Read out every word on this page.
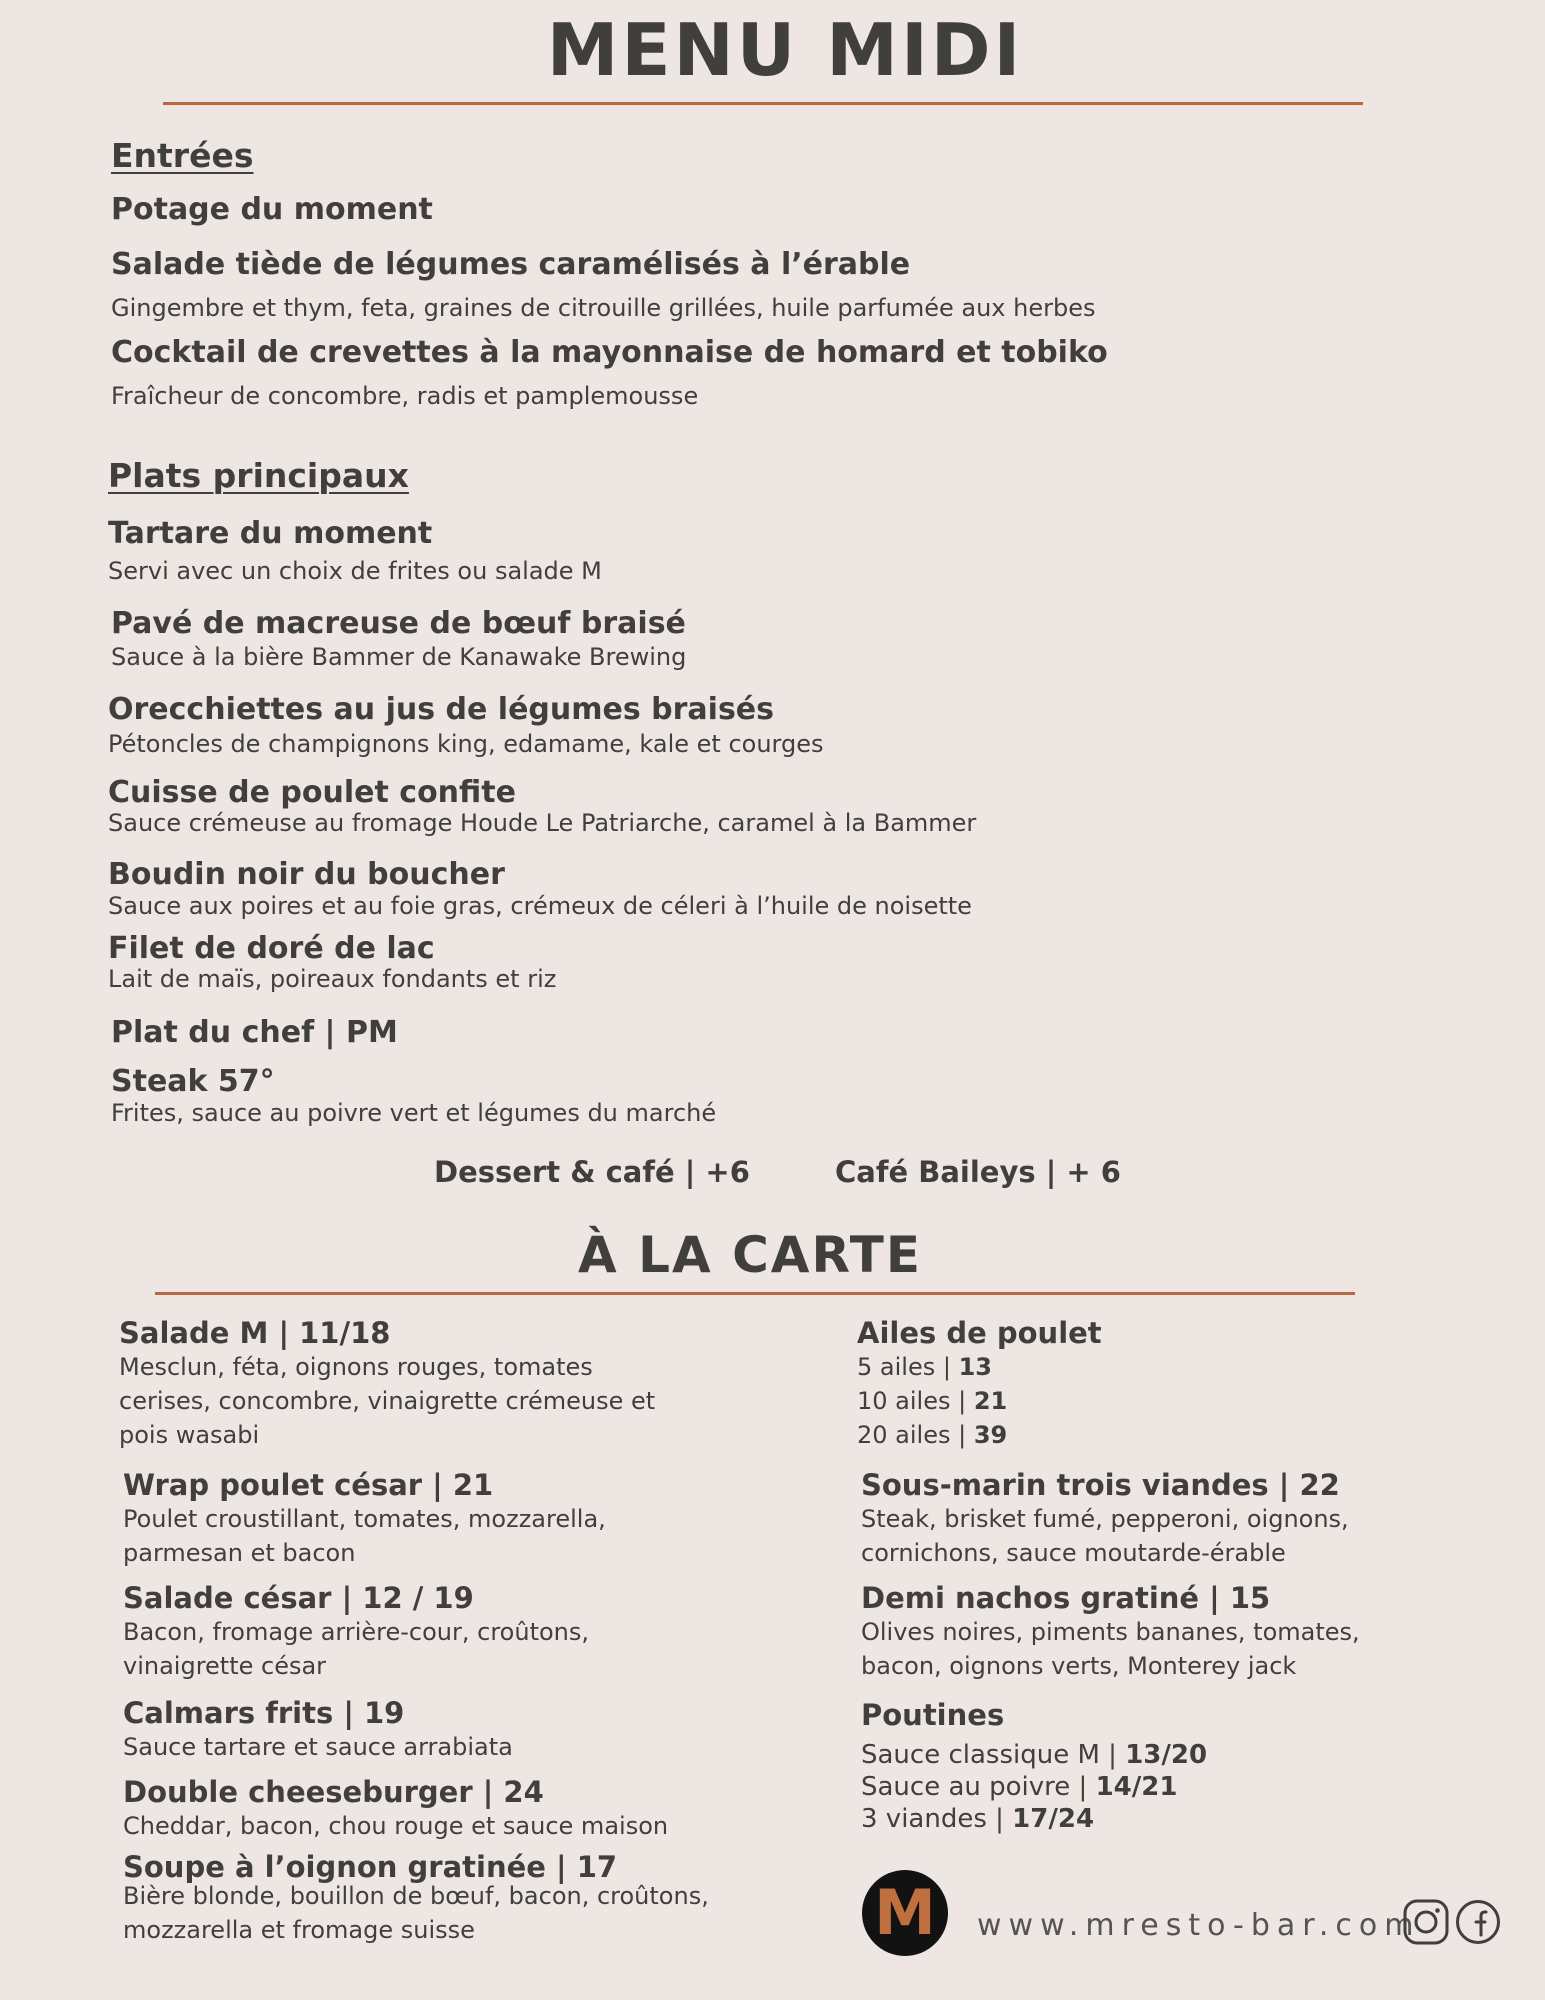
MENU MIDI
Entrées
Potage du moment
Salade tiède de légumes caramélisés à l’érable
Gingembre et thym, feta, graines de citrouille grillées, huile parfumée aux herbes
Cocktail de crevettes à la mayonnaise de homard et tobiko
Fraîcheur de concombre, radis et pamplemousse
Plats principaux
Tartare du moment
Servi avec un choix de frites ou salade M
Pavé de macreuse de bœuf braisé
Sauce à la bière Bammer de Kanawake Brewing
Orecchiettes au jus de légumes braisés
Pétoncles de champignons king, edamame, kale et courges
Cuisse de poulet confite
Sauce crémeuse au fromage Houde Le Patriarche, caramel à la Bammer
Boudin noir du boucher
Sauce aux poires et au foie gras, crémeux de céleri à l’huile de noisette
Filet de doré de lac
Lait de maïs, poireaux fondants et riz
Plat du chef | PM
Steak 57°
Frites, sauce au poivre vert et légumes du marché
Dessert & café | +6	Café Baileys | + 6
À LA CARTE
Salade M | 11/18
Mesclun, féta, oignons rouges, tomates cerises, concombre, vinaigrette crémeuse et pois wasabi
Wrap poulet césar | 21
Poulet croustillant, tomates, mozzarella, parmesan et bacon
Salade césar | 12 / 19
Bacon, fromage arrière-cour, croûtons, vinaigrette césar
Calmars frits | 19
Sauce tartare et sauce arrabiata
Double cheeseburger | 24
Cheddar, bacon, chou rouge et sauce maison
Soupe à l’oignon gratinée | 17
Bière blonde, bouillon de bœuf, bacon, croûtons, mozzarella et fromage suisse
Ailes de poulet
5 ailes | 13
10 ailes | 21
20 ailes | 39
Sous-marin trois viandes | 22
Steak, brisket fumé, pepperoni, oignons, cornichons, sauce moutarde-érable
Demi nachos gratiné | 15
Olives noires, piments bananes, tomates, bacon, oignons verts, Monterey jack
Poutines
Sauce classique M | 13/20
Sauce au poivre | 14/21
3 viandes | 17/24
M www.mresto-bar.com
